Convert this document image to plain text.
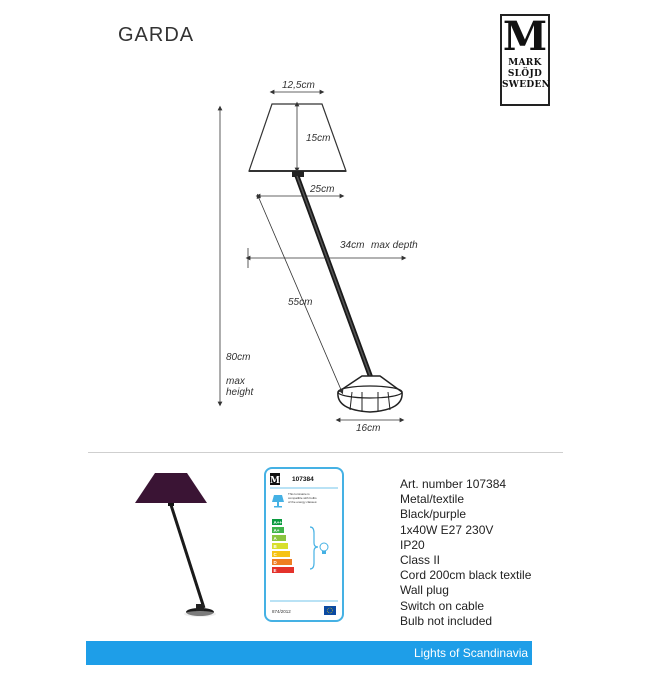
GARDA	M
MARK
SLÖJD
SWEDEN
12,5cm
15cm
25cm
34cm max depth
55cm
80cm
max
height
16cm
M 107384
This luminaire is
compatible with bulbs
of the energy classes:
A++
A+
A
B
C
D
E
874/2012
Art. number 107384
Metal/textile
Black/purple
1x40W E27 230V
IP20
Class II
Cord 200cm black textile
Wall plug
Switch on cable
Bulb not included
Lights of Scandinavia
